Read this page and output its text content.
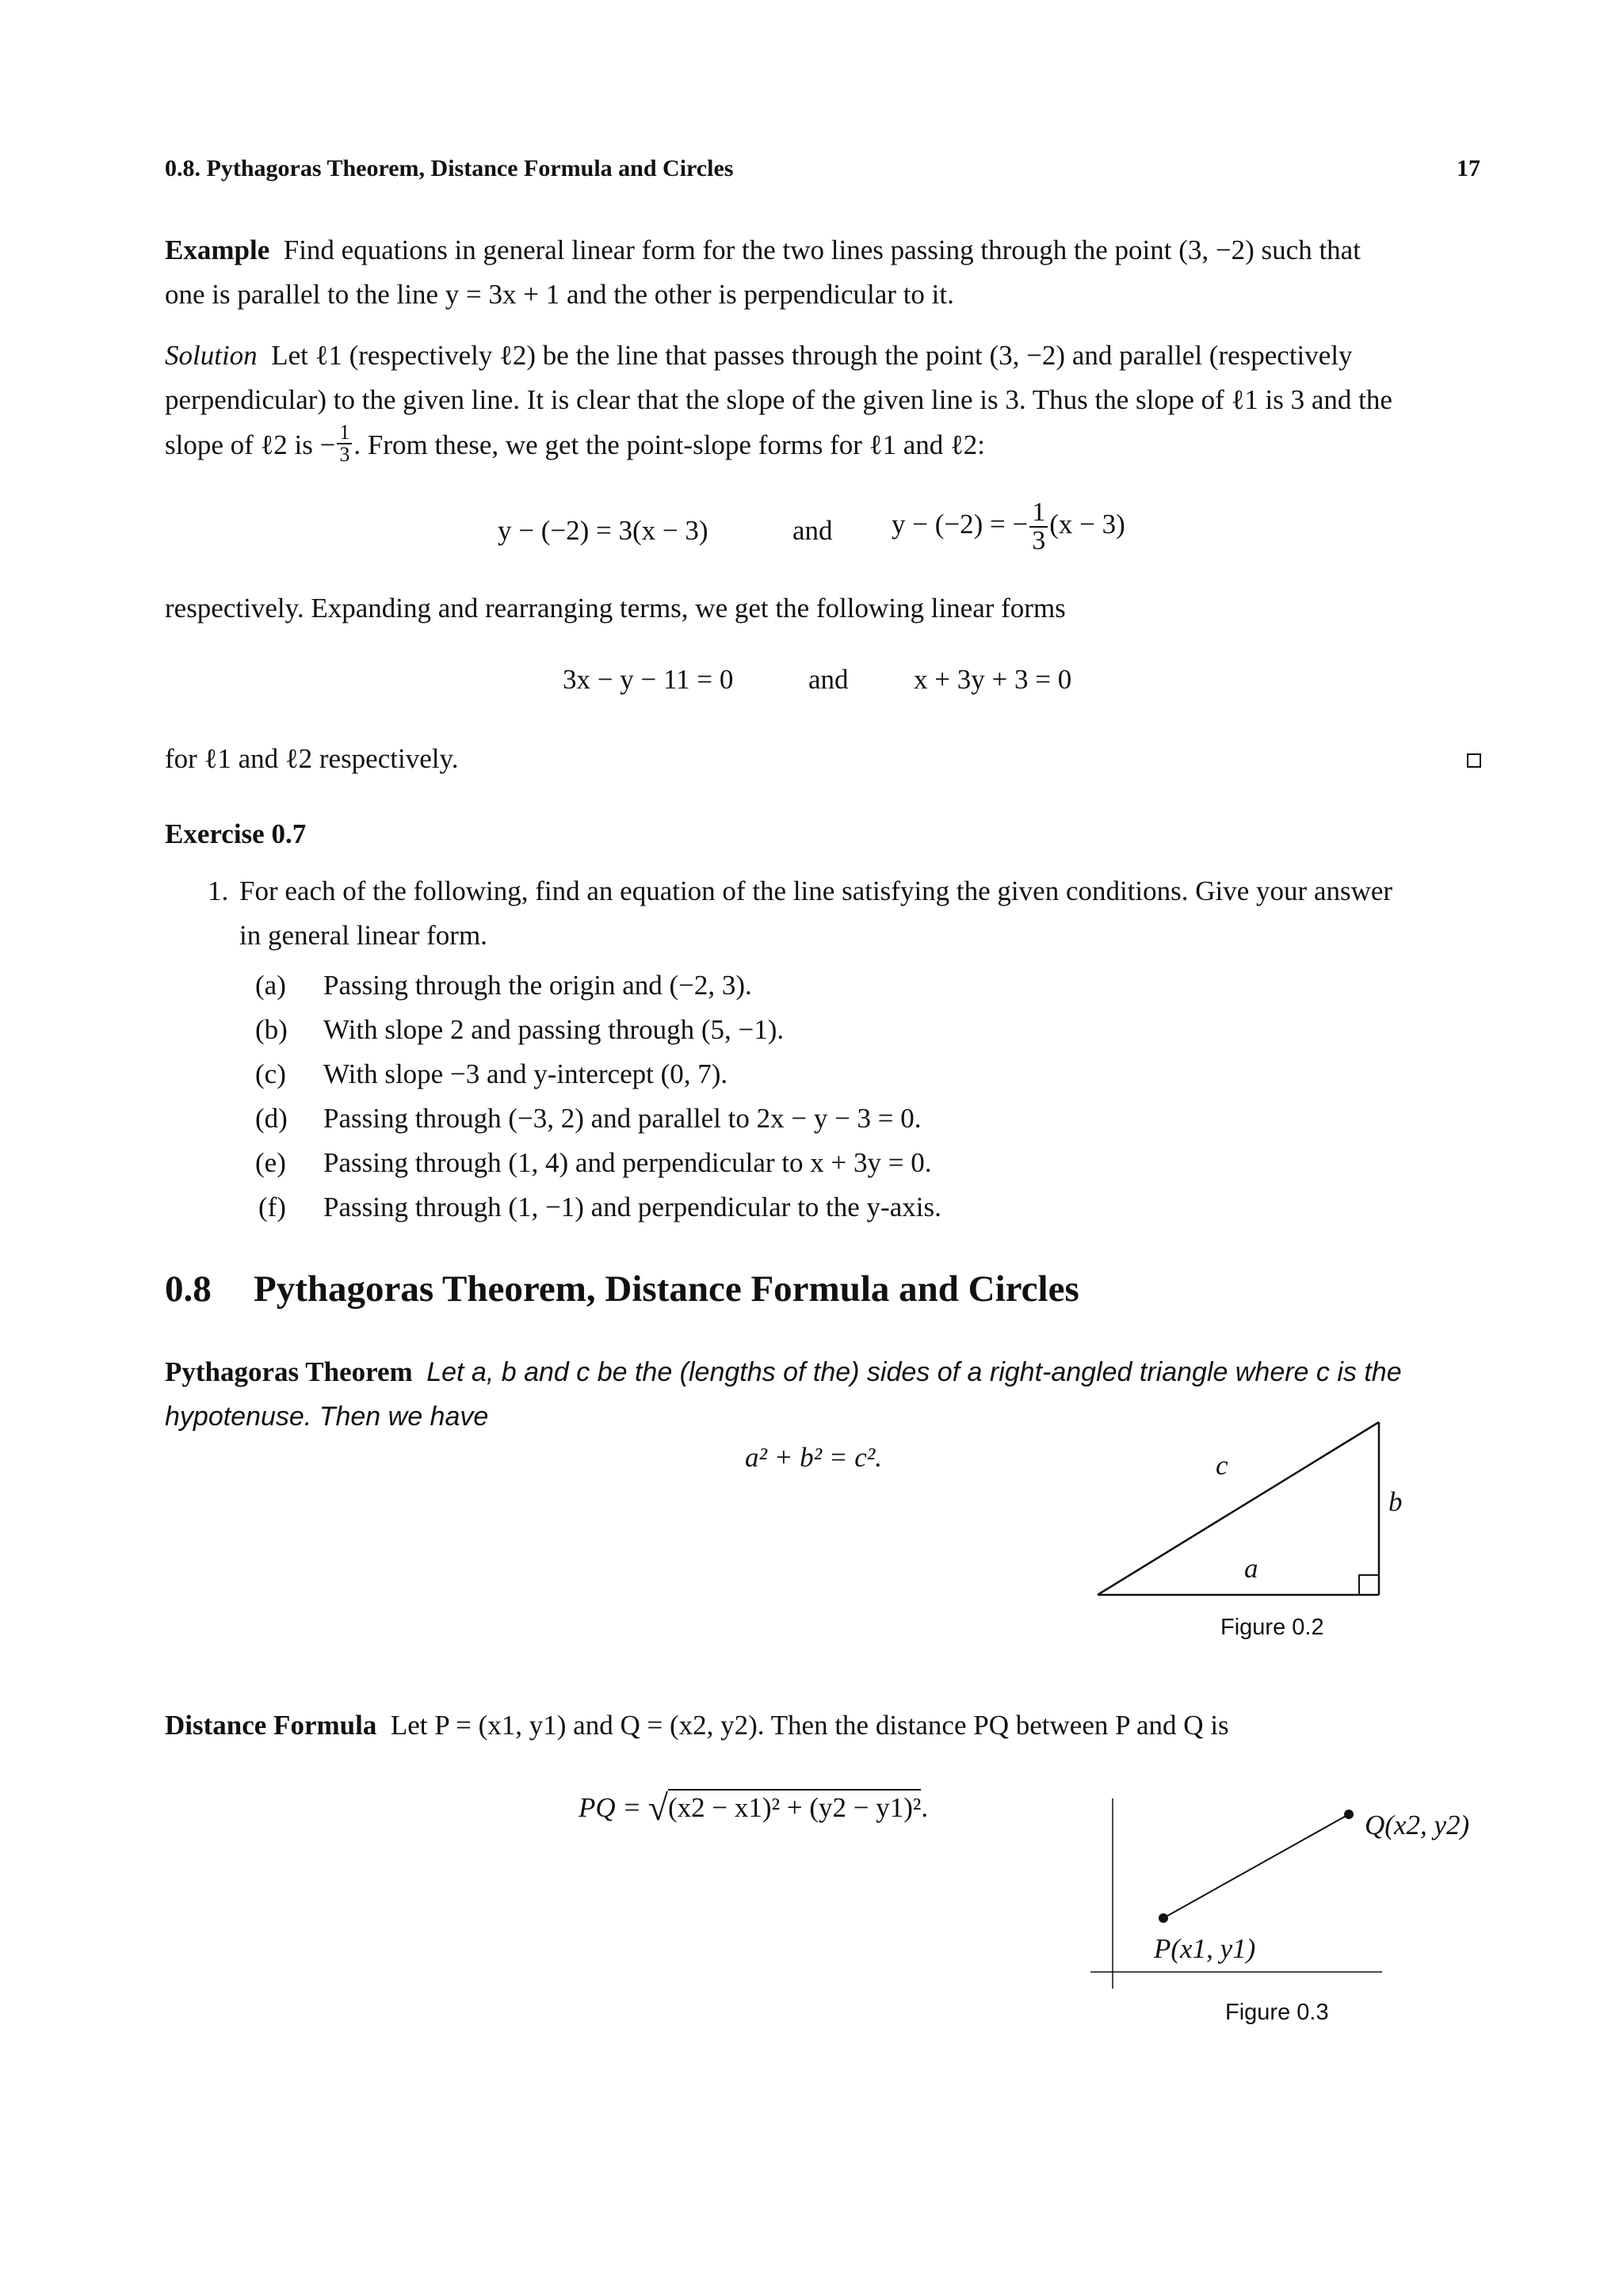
0.8. Pythagoras Theorem, Distance Formula and Circles	17
Example Find equations in general linear form for the two lines passing through the point (3, −2) such that
one is parallel to the line y = 3x + 1 and the other is perpendicular to it.
Solution Let ℓ1 (respectively ℓ2) be the line that passes through the point (3, −2) and parallel (respectively
perpendicular) to the given line. It is clear that the slope of the given line is 3. Thus the slope of ℓ1 is 3 and the
slope of ℓ2 is − $\frac{1}{3}$ . From these, we get the point-slope forms for ℓ1 and ℓ2:
y − (−2) = 3(x − 3)	and y − (−2) = − $\frac{1}{3} (x - 3)$
respectively. Expanding and rearranging terms, we get the following linear forms
3x − y − 11 = 0	and x + 3y + 3 = 0
for ℓ1 and ℓ2 respectively.
Exercise 0.7
1. For each of the following, find an equation of the line satisfying the given conditions. Give your answer
in general linear form.
(a) Passing through the origin and (−2, 3).
(b) With slope 2 and passing through (5, −1).
(c) With slope −3 and y-intercept (0, 7).
(d) Passing through (−3, 2) and parallel to 2x − y − 3 = 0.
(e) Passing through (1, 4) and perpendicular to x + 3y = 0.
(f) Passing through (1, −1) and perpendicular to the y-axis.
0.8 Pythagoras Theorem, Distance Formula and Circles
Pythagoras Theorem Let a, b and c be the (lengths of the) sides of a right-angled triangle where c is the
hypotenuse. Then we have
a² + b² = c².	c
b
a
Figure 0.2
Distance Formula Let P = (x1, y1) and Q = (x2, y2). Then the distance PQ between P and Q is
PQ = √(x2 − x1)² + (y2 − y1)².
Q(x2, y2)
P(x1, y1)
Figure 0.3
